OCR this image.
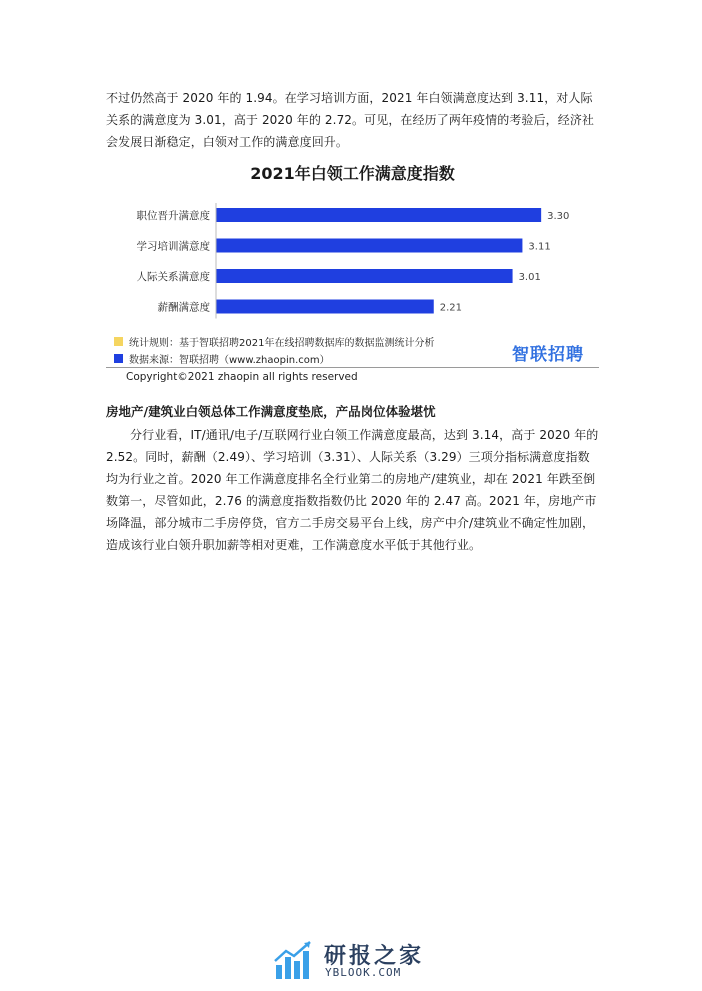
不过仍然高于 2020 年的 1.94。在学习培训方面，2021 年白领满意度达到 3.11，对人际关系的满意度为 3.01，高于 2020 年的 2.72。可见，在经历了两年疫情的考验后，经济社会发展日渐稳定，白领对工作的满意度回升。

2021年白领工作满意度指数
职位晋升满意度	3.30
学习培训满意度	3.11
人际关系满意度	3.01
薪酬满意度	2.21
统计规则：基于智联招聘2021年在线招聘数据库的数据监测统计分析
数据来源：智联招聘（www.zhaopin.com）	智联招聘
Copyright©2021 zhaopin all rights reserved

房地产/建筑业白领总体工作满意度垫底，产品岗位体验堪忧

分行业看，IT/通讯/电子/互联网行业白领工作满意度最高，达到 3.14，高于 2020 年的 2.52。同时，薪酬（2.49）、学习培训（3.31）、人际关系（3.29）三项分指标满意度指数均为行业之首。2020 年工作满意度排名全行业第二的房地产/建筑业，却在 2021 年跌至倒数第一，尽管如此，2.76 的满意度指数指数仍比 2020 年的 2.47 高。2021 年，房地产市场降温，部分城市二手房停贷，官方二手房交易平台上线，房产中介/建筑业不确定性加剧，造成该行业白领升职加薪等相对更难，工作满意度水平低于其他行业。

研报之家
YBLOOK.COM
